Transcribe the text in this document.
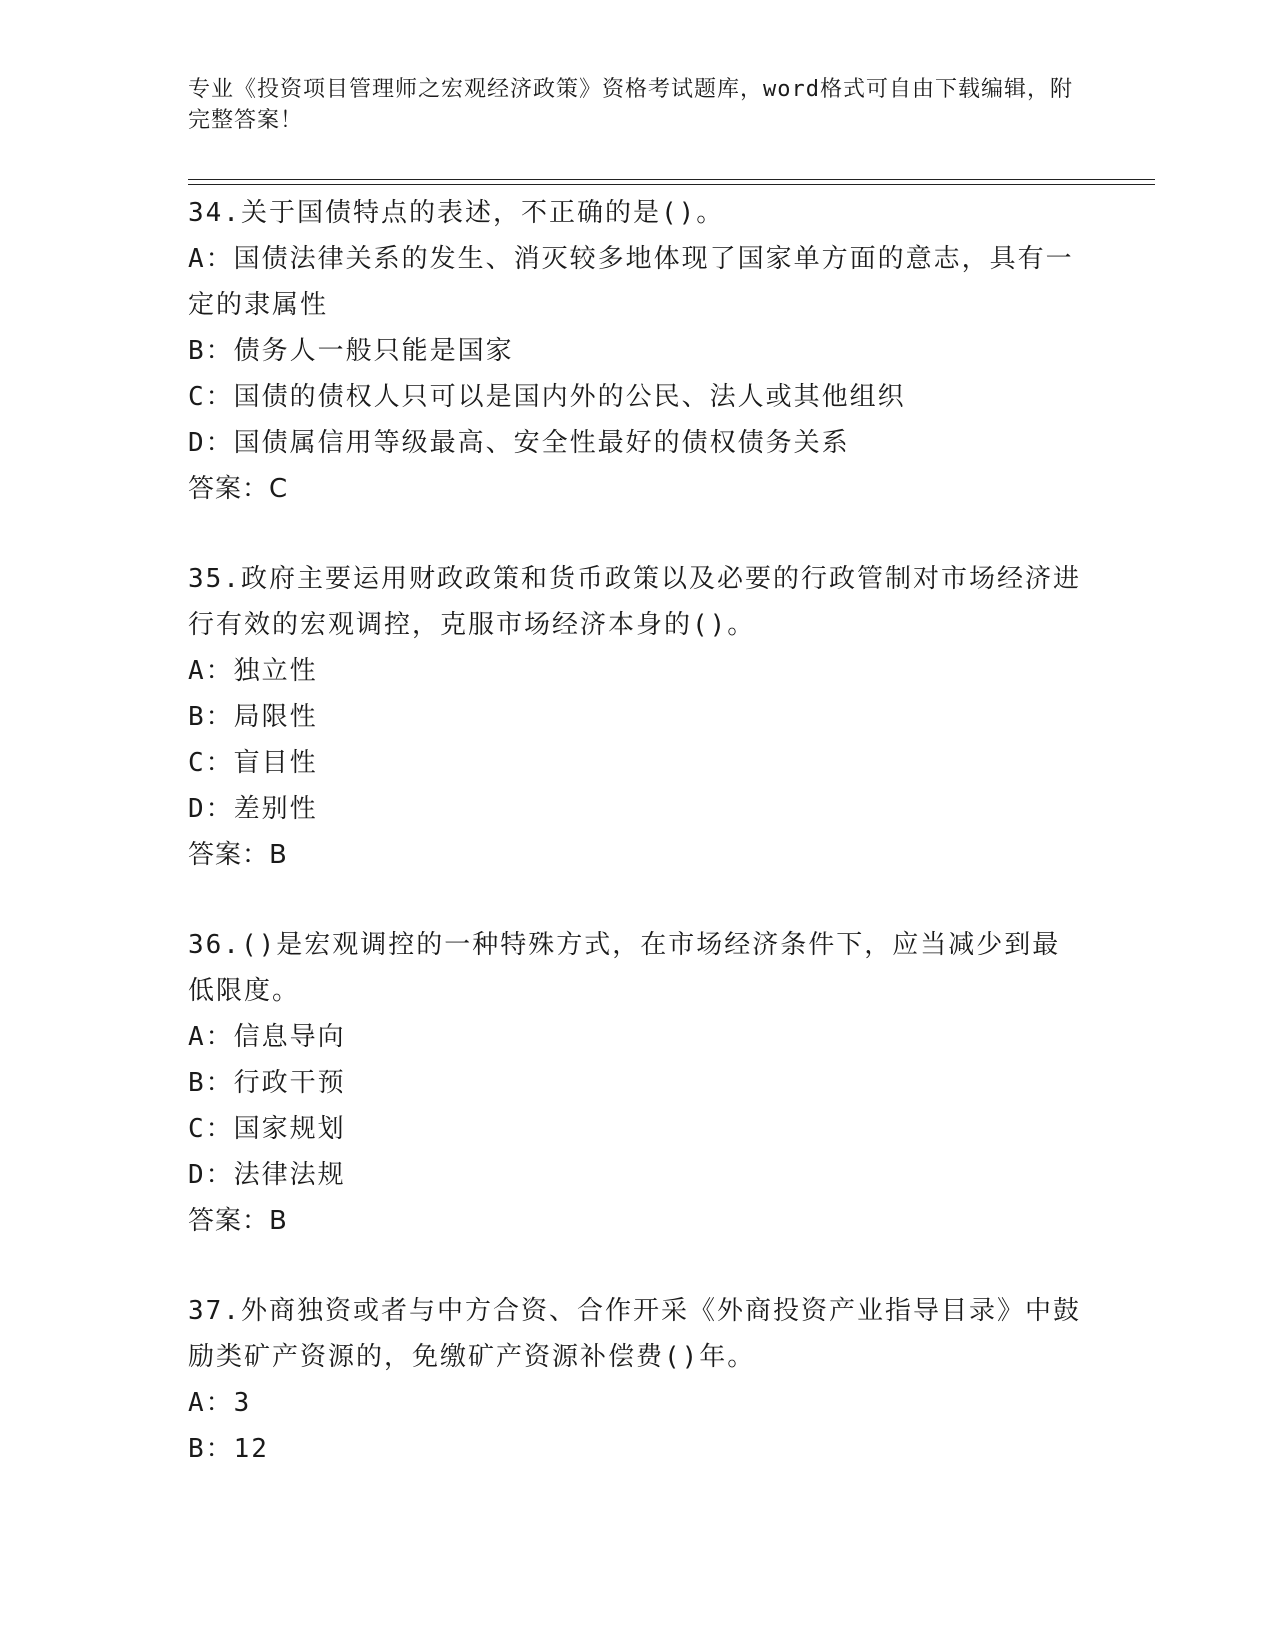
专业《投资项目管理师之宏观经济政策》资格考试题库，word格式可自由下载编辑，附完整答案！

34.关于国债特点的表述，不正确的是()。

A：国债法律关系的发生、消灭较多地体现了国家单方面的意志，具有一定的隶属性

B：债务人一般只能是国家

C：国债的债权人只可以是国内外的公民、法人或其他组织

D：国债属信用等级最高、安全性最好的债权债务关系

答案：C

35.政府主要运用财政政策和货币政策以及必要的行政管制对市场经济进行有效的宏观调控，克服市场经济本身的()。

A：独立性

B：局限性

C：盲目性

D：差别性

答案：B

36.()是宏观调控的一种特殊方式，在市场经济条件下，应当减少到最低限度。

A：信息导向

B：行政干预

C：国家规划

D：法律法规

答案：B

37.外商独资或者与中方合资、合作开采《外商投资产业指导目录》中鼓励类矿产资源的，免缴矿产资源补偿费()年。

A：3

B：12
